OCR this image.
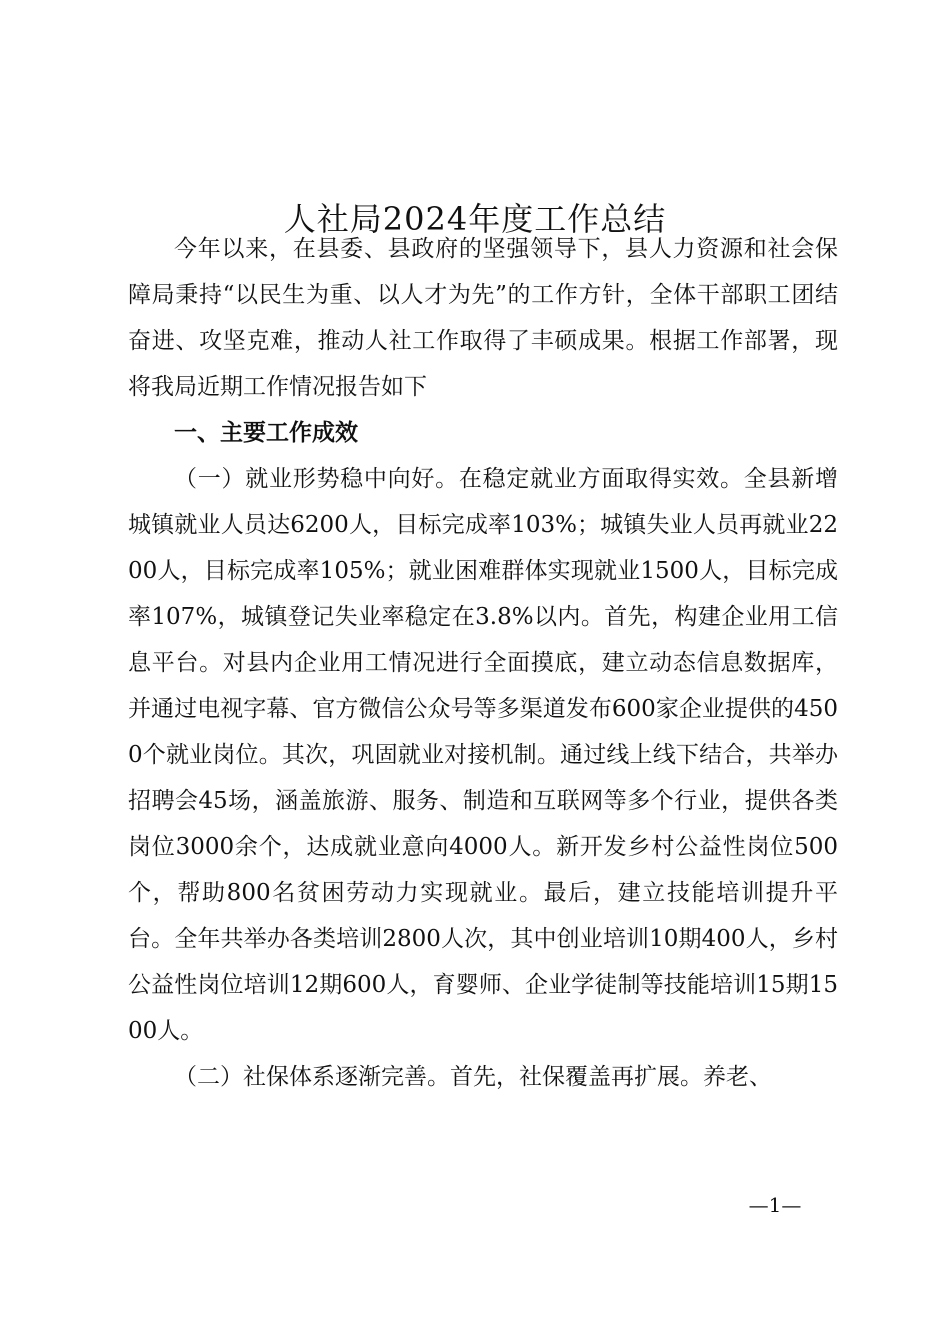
人社局2024年度工作总结

今年以来，在县委、县政府的坚强领导下，县人力资源和社会保障局秉持“以民生为重、以人才为先”的工作方针，全体干部职工团结奋进、攻坚克难，推动人社工作取得了丰硕成果。根据工作部署，现将我局近期工作情况报告如下

一、主要工作成效

（一）就业形势稳中向好。在稳定就业方面取得实效。全县新增城镇就业人员达6200人，目标完成率103%；城镇失业人员再就业2200人，目标完成率105%；就业困难群体实现就业1500人，目标完成率107%，城镇登记失业率稳定在3.8%以内。首先，构建企业用工信息平台。对县内企业用工情况进行全面摸底，建立动态信息数据库，并通过电视字幕、官方微信公众号等多渠道发布600家企业提供的4500个就业岗位。其次，巩固就业对接机制。通过线上线下结合，共举办招聘会45场，涵盖旅游、服务、制造和互联网等多个行业，提供各类岗位3000余个，达成就业意向4000人。新开发乡村公益性岗位500个，帮助800名贫困劳动力实现就业。最后，建立技能培训提升平台。全年共举办各类培训2800人次，其中创业培训10期400人，乡村公益性岗位培训12期600人，育婴师、企业学徒制等技能培训15期1500人。

（二）社保体系逐渐完善。首先，社保覆盖再扩展。养老、

—1—
